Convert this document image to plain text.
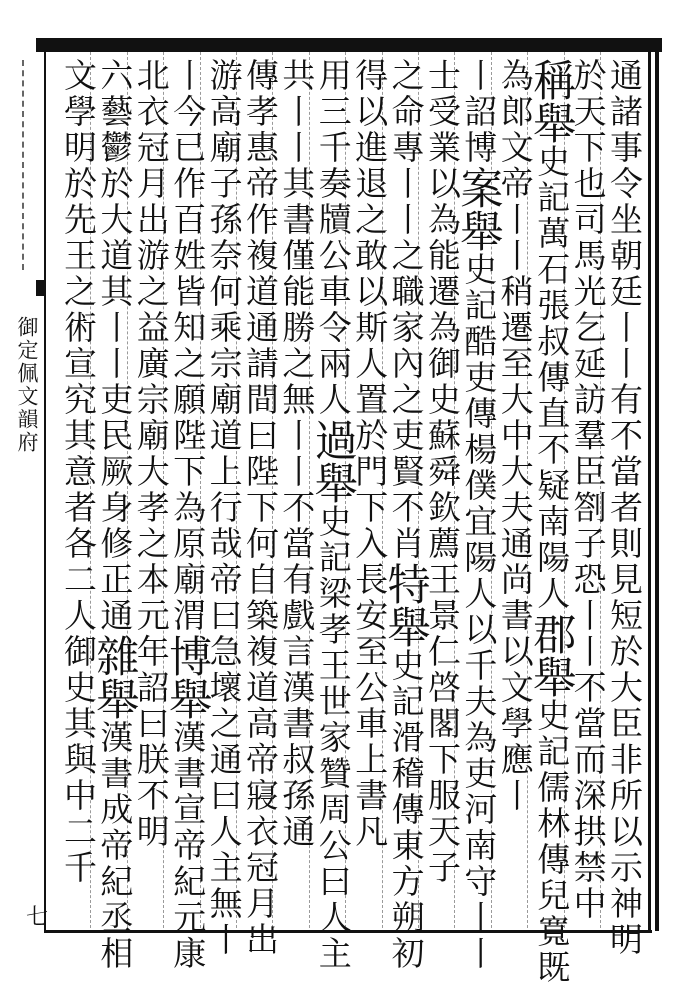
御定佩文韻府
七	通諸事令坐朝廷丨丨有不當者則見短於大臣非所以示神明
於天下也司馬光乞延訪羣臣劄子恐丨丨不當而深拱禁中
稱舉史記萬石張叔傳直不疑南陽人郡舉史記儒林傳兒寬既
為郎文帝丨丨稍遷至大中大夫通尚書以文學應丨
丨詔博案舉史記酷吏傳楊僕宜陽人以千夫為吏河南守丨丨
士受業以為能遷為御史蘇舜欽薦王景仁啓閣下服天子
之命專丨丨之職家內之吏賢不肖特舉史記滑稽傳東方朔初
得以進退之敢以斯人置於門下入長安至公車上書凡
用三千奏牘公車令兩人過舉史記梁孝王世家贊周公曰人主
共丨丨其書僅能勝之無丨丨不當有戲言漢書叔孫通
傳孝惠帝作複道通請間曰陛下何自築複道高帝寢衣冠月出
游高廟子孫奈何乘宗廟道上行哉帝曰急壞之通曰人主無丨
丨今已作百姓皆知之願陛下為原廟渭博舉漢書宣帝紀元康
北衣冠月出游之益廣宗廟大孝之本元年詔曰朕不明
六藝鬱於大道其丨丨吏民厥身修正通雜舉漢書成帝紀丞相
文學明於先王之術宣究其意者各二人御史其與中二千
